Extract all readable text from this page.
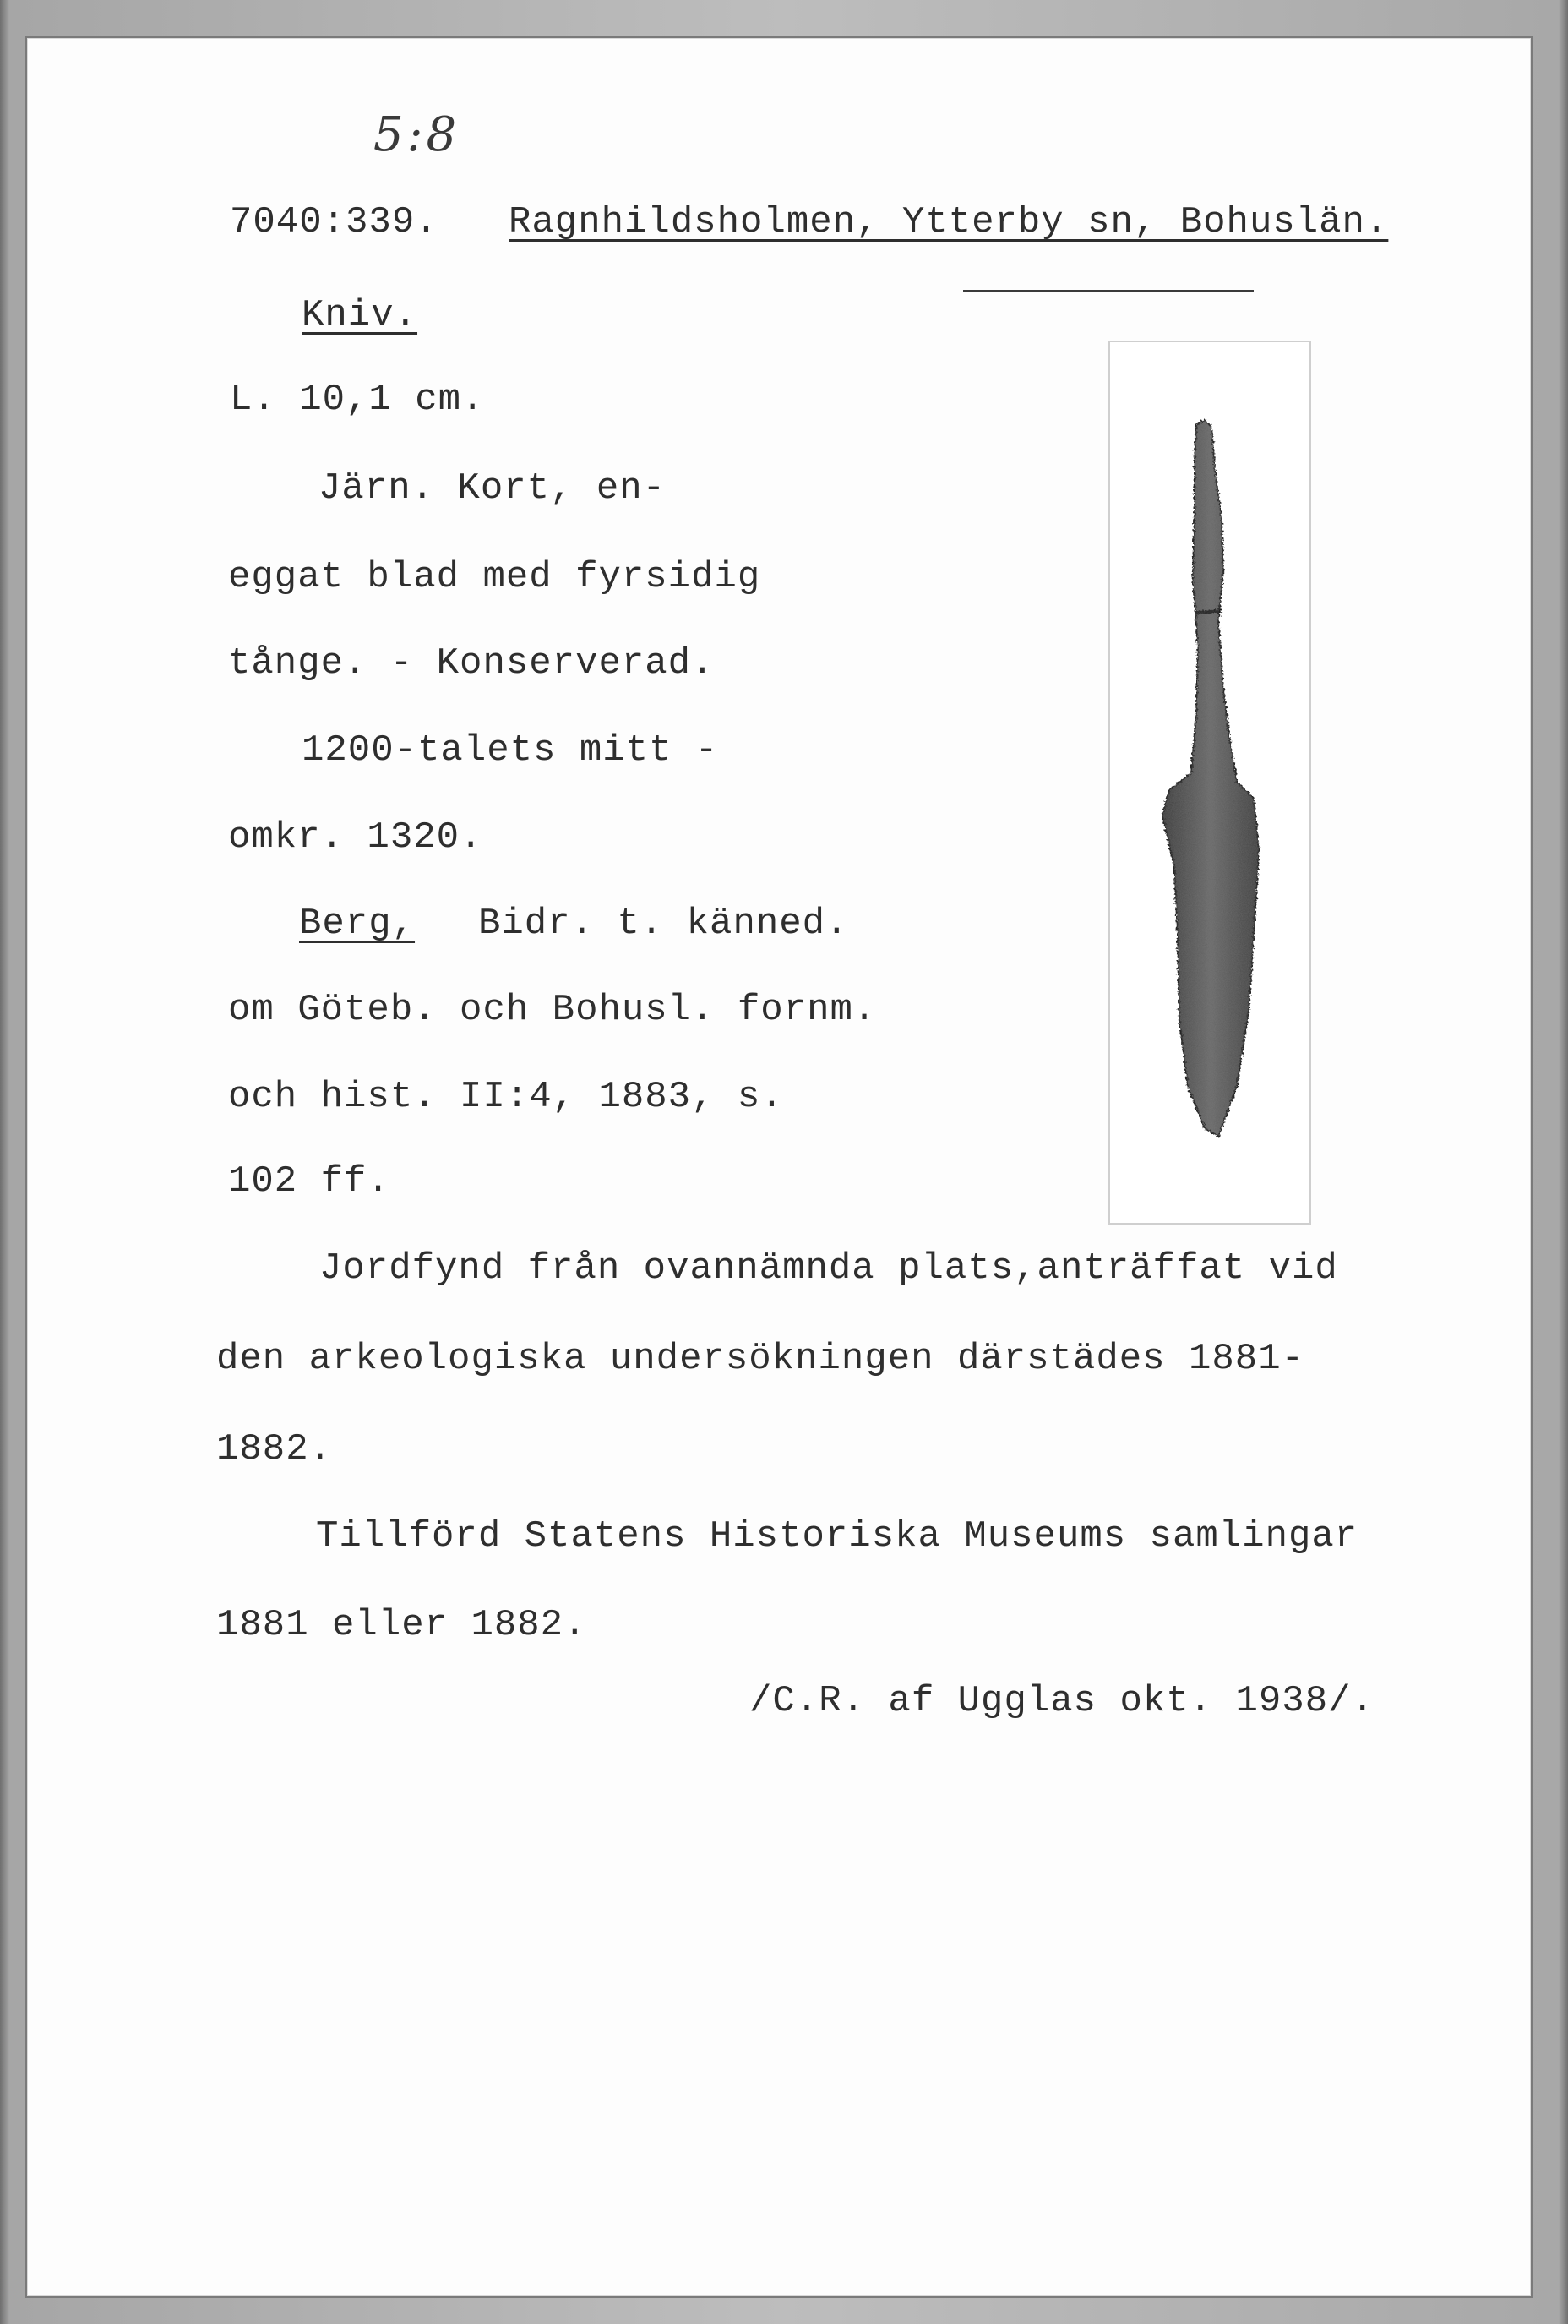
5:8
7040:339. Ragnhildsholmen, Ytterby sn, Bohuslän.
Kniv.
L. 10,1 cm.
Järn. Kort, en-
eggat blad med fyrsidig
tånge. - Konserverad.
1200-talets mitt -
omkr. 1320.
Berg, Bidr. t. känned.
om Göteb. och Bohusl. fornm.
och hist. II:4, 1883, s.
102 ff.
Jordfynd från ovannämnda plats,anträffat vid
den arkeologiska undersökningen därstädes 1881-
1882.
Tillförd Statens Historiska Museums samlingar
1881 eller 1882.
/C.R. af Ugglas okt. 1938/.
